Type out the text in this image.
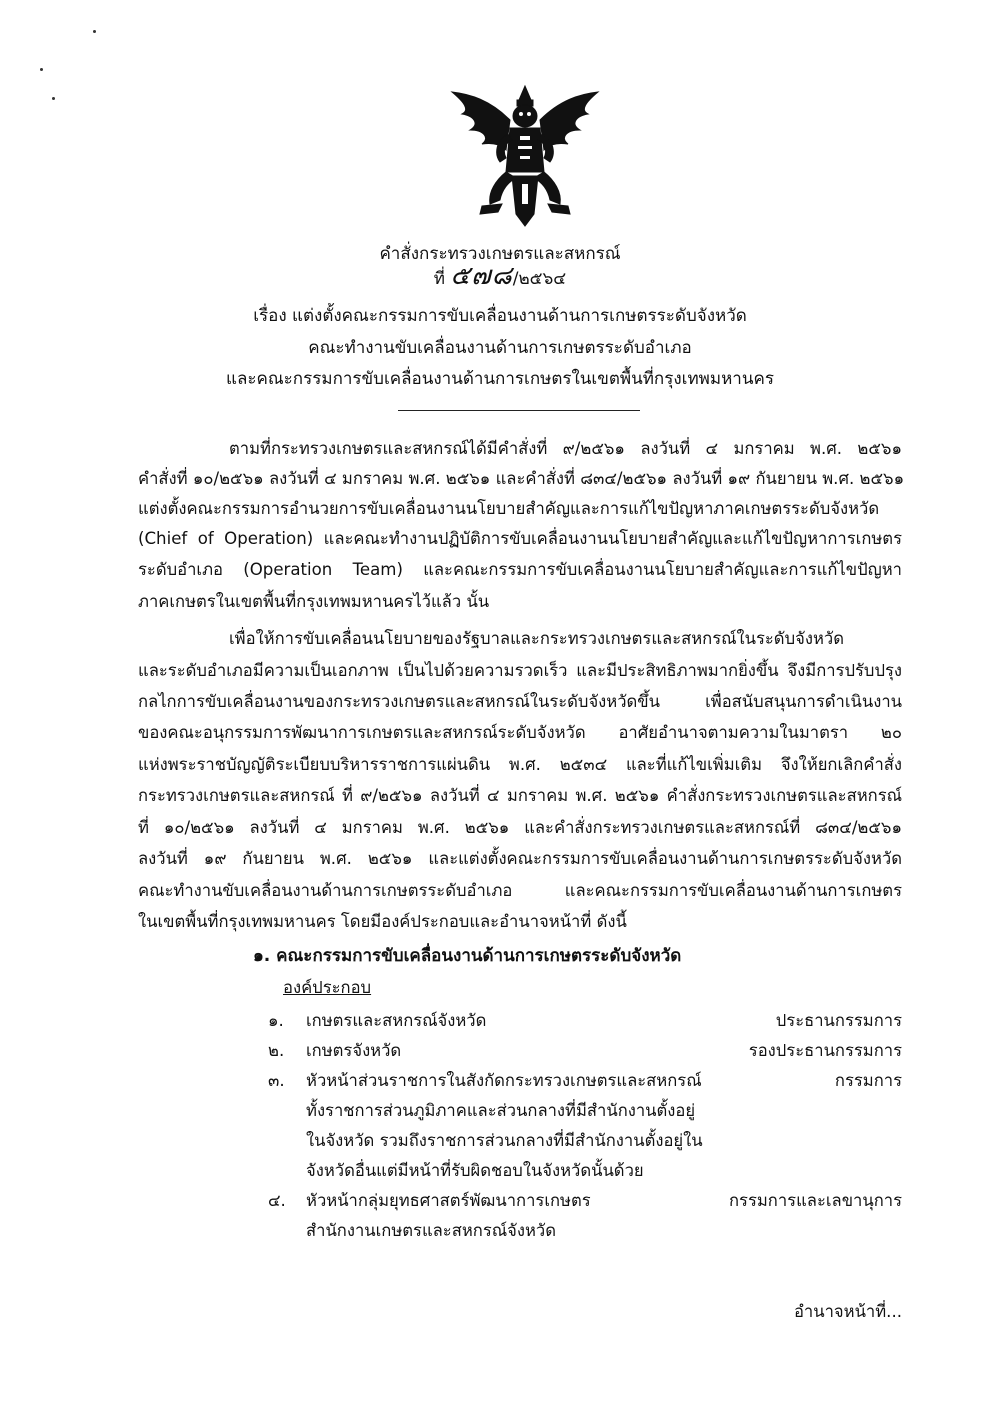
คำสั่งกระทรวงเกษตรและสหกรณ์
ที่ ๕๗๘/๒๕๖๔
เรื่อง แต่งตั้งคณะกรรมการขับเคลื่อนงานด้านการเกษตรระดับจังหวัด
คณะทำงานขับเคลื่อนงานด้านการเกษตรระดับอำเภอ
และคณะกรรมการขับเคลื่อนงานด้านการเกษตรในเขตพื้นที่กรุงเทพมหานคร
ตามที่กระทรวงเกษตรและสหกรณ์ได้มีคำสั่งที่ ๙/๒๕๖๑ ลงวันที่ ๔ มกราคม พ.ศ. ๒๕๖๑
คำสั่งที่ ๑๐/๒๕๖๑ ลงวันที่ ๔ มกราคม พ.ศ. ๒๕๖๑ และคำสั่งที่ ๘๓๔/๒๕๖๑ ลงวันที่ ๑๙ กันยายน พ.ศ. ๒๕๖๑
แต่งตั้งคณะกรรมการอำนวยการขับเคลื่อนงานนโยบายสำคัญและการแก้ไขปัญหาภาคเกษตรระดับจังหวัด
(Chief of Operation) และคณะทำงานปฏิบัติการขับเคลื่อนงานนโยบายสำคัญและแก้ไขปัญหาการเกษตร
ระดับอำเภอ (Operation Team) และคณะกรรมการขับเคลื่อนงานนโยบายสำคัญและการแก้ไขปัญหา
ภาคเกษตรในเขตพื้นที่กรุงเทพมหานครไว้แล้ว นั้น
เพื่อให้การขับเคลื่อนนโยบายของรัฐบาลและกระทรวงเกษตรและสหกรณ์ในระดับจังหวัด
และระดับอำเภอมีความเป็นเอกภาพ เป็นไปด้วยความรวดเร็ว และมีประสิทธิภาพมากยิ่งขึ้น จึงมีการปรับปรุง
กลไกการขับเคลื่อนงานของกระทรวงเกษตรและสหกรณ์ในระดับจังหวัดขึ้น เพื่อสนับสนุนการดำเนินงาน
ของคณะอนุกรรมการพัฒนาการเกษตรและสหกรณ์ระดับจังหวัด อาศัยอำนาจตามความในมาตรา ๒๐
แห่งพระราชบัญญัติระเบียบบริหารราชการแผ่นดิน พ.ศ. ๒๕๓๔ และที่แก้ไขเพิ่มเติม จึงให้ยกเลิกคำสั่ง
กระทรวงเกษตรและสหกรณ์ ที่ ๙/๒๕๖๑ ลงวันที่ ๔ มกราคม พ.ศ. ๒๕๖๑ คำสั่งกระทรวงเกษตรและสหกรณ์
ที่ ๑๐/๒๕๖๑ ลงวันที่ ๔ มกราคม พ.ศ. ๒๕๖๑ และคำสั่งกระทรวงเกษตรและสหกรณ์ที่ ๘๓๔/๒๕๖๑
ลงวันที่ ๑๙ กันยายน พ.ศ. ๒๕๖๑ และแต่งตั้งคณะกรรมการขับเคลื่อนงานด้านการเกษตรระดับจังหวัด
คณะทำงานขับเคลื่อนงานด้านการเกษตรระดับอำเภอ และคณะกรรมการขับเคลื่อนงานด้านการเกษตร
ในเขตพื้นที่กรุงเทพมหานคร โดยมีองค์ประกอบและอำนาจหน้าที่ ดังนี้
๑. คณะกรรมการขับเคลื่อนงานด้านการเกษตรระดับจังหวัด
องค์ประกอบ
๑. เกษตรและสหกรณ์จังหวัด	ประธานกรรมการ
๒. เกษตรจังหวัด	รองประธานกรรมการ
๓. หัวหน้าส่วนราชการในสังกัดกระทรวงเกษตรและสหกรณ์	กรรมการ
ทั้งราชการส่วนภูมิภาคและส่วนกลางที่มีสำนักงานตั้งอยู่
ในจังหวัด รวมถึงราชการส่วนกลางที่มีสำนักงานตั้งอยู่ใน
จังหวัดอื่นแต่มีหน้าที่รับผิดชอบในจังหวัดนั้นด้วย
๔. หัวหน้ากลุ่มยุทธศาสตร์พัฒนาการเกษตร	กรรมการและเลขานุการ
สำนักงานเกษตรและสหกรณ์จังหวัด
อำนาจหน้าที่...
